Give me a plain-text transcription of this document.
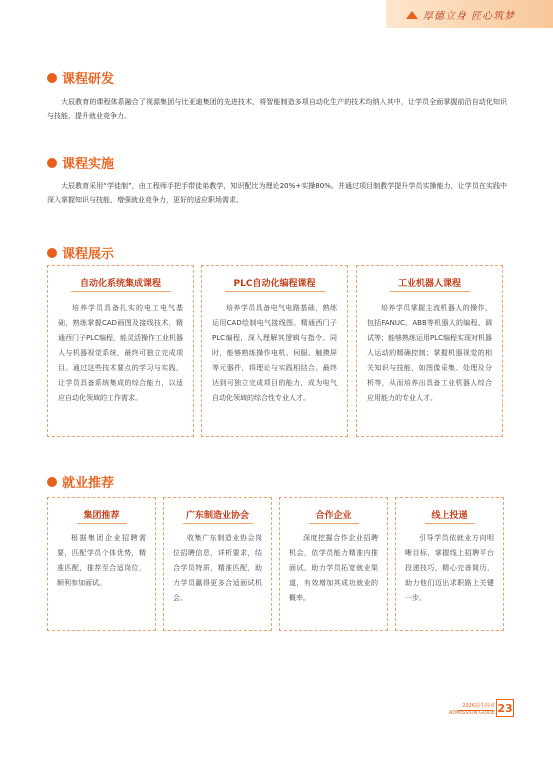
厚德立身 匠心筑梦
课程研发

大辰教育的课程体系融合了视源集团与比亚迪集团的先进技术，将智能制造多项自动化生产的技术均纳入其中，让学员全面掌握前沿自动化知识与技能，提升就业竞争力。

课程实施

大辰教育采用“学徒制”，由工程师手把手带徒弟教学，知识配比为理论20%+实操80%。并通过项目制教学提升学员实操能力，让学员在实践中深入掌握知识与技能，增强就业竞争力，更好的适应职场需求。

课程展示
自动化系统集成课程

培养学员具备扎实的电工电气基础，熟练掌握CAD画图及接线技术，精通西门子PLC编程，能灵活操作工业机器人与机器视觉系统，最终可独立完成项目。通过这些技术要点的学习与实践，让学员具备系统集成的综合能力，以适应自动化领域的工作需求。

PLC自动化编程课程

培养学员具备电气电路基础，熟练运用CAD绘制电气接线图。精通西门子PLC编程，深入理解其逻辑与指令。同时，能够熟练操作电机、伺服、触摸屏等元器件，将理论与实践相结合。最终达到可独立完成项目的能力，成为电气自动化领域的综合性专业人才。

工业机器人课程

培养学员掌握主流机器人的操作，包括FANUC、ABB等机器人的编程、调试等；能够熟练运用PLC编程实现对机器人运动的精确控制；掌握机器视觉的相关知识与技能，如图像采集、处理及分析等，从而培养出具备工业机器人综合应用能力的专业人才。

就业推荐
集团推荐

根据集团企业招聘需要，匹配学员个体优势，精准匹配，推荐至合适岗位，顺利参加面试。

广东制造业协会

收集广东制造业协会岗位招聘信息，详析要求，结合学员特质，精准匹配，助力学员赢得更多合适面试机会。

合作企业

深度挖掘合作企业招聘机会，依学员能力精准内推面试，助力学员拓宽就业渠道，有效增加其成功就业的概率。

线上投递

引导学员依就业方向明晰目标，掌握线上招聘平台投递技巧，精心完善简历，助力他们迈出求职路上关键一步。

2026招生简章
ADMISSION GUIDE 23
